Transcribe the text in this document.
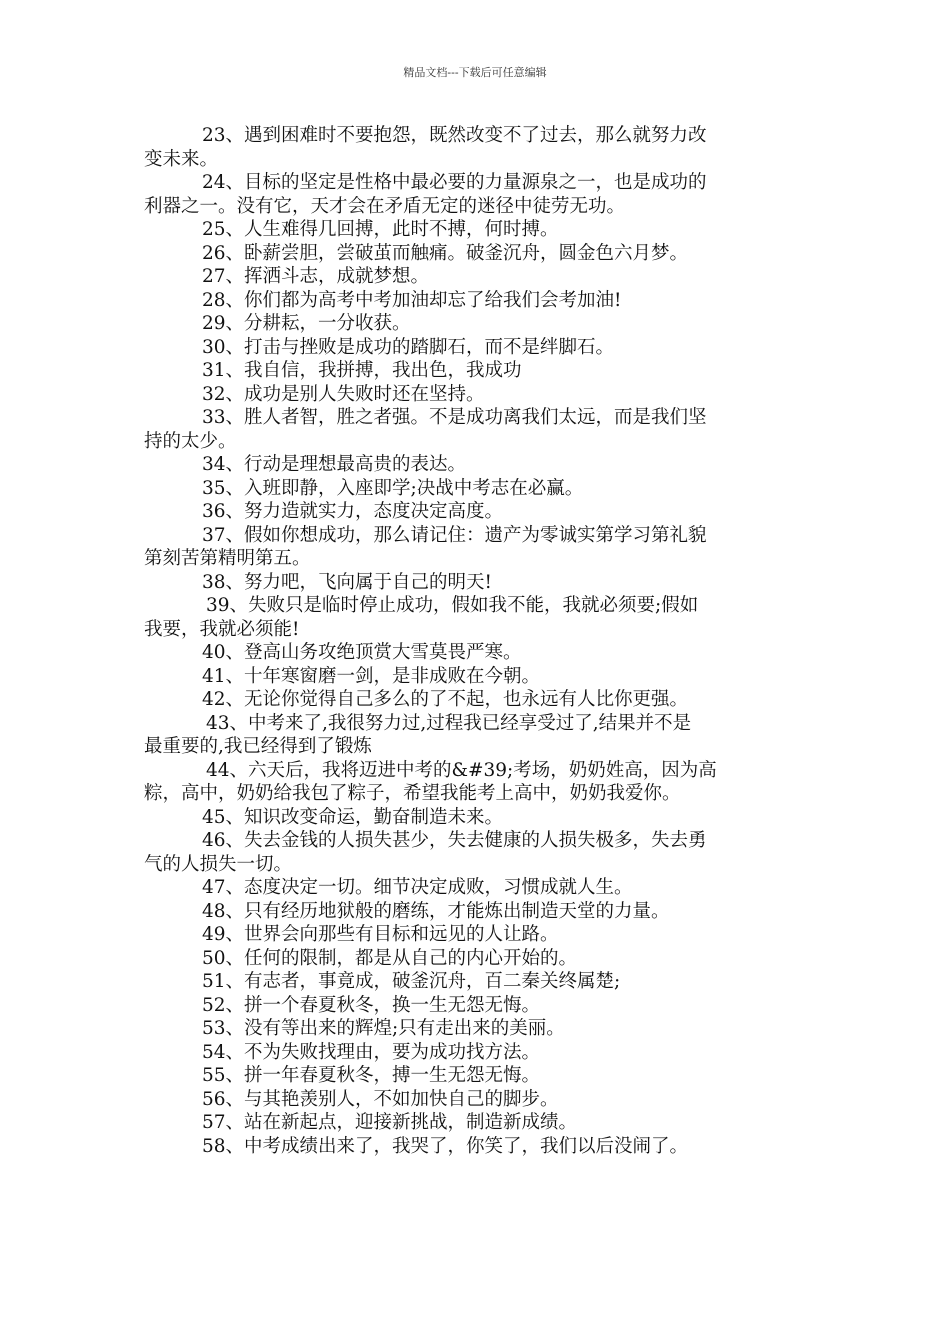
精品文档---下载后可任意编辑
23、遇到困难时不要抱怨，既然改变不了过去，那么就努力改
变未来。
24、目标的坚定是性格中最必要的力量源泉之一，也是成功的
利器之一。没有它，天才会在矛盾无定的迷径中徒劳无功。
25、人生难得几回搏，此时不搏，何时搏。
26、卧薪尝胆，尝破茧而触痛。破釜沉舟，圆金色六月梦。
27、挥洒斗志，成就梦想。
28、你们都为高考中考加油却忘了给我们会考加油!
29、分耕耘，一分收获。
30、打击与挫败是成功的踏脚石，而不是绊脚石。
31、我自信，我拼搏，我出色，我成功
32、成功是别人失败时还在坚持。
33、胜人者智，胜之者强。不是成功离我们太远，而是我们坚
持的太少。
34、行动是理想最高贵的表达。
35、入班即静，入座即学;决战中考志在必赢。
36、努力造就实力，态度决定高度。
37、假如你想成功，那么请记住：遗产为零诚实第学习第礼貌
第刻苦第精明第五。
38、努力吧，飞向属于自己的明天!
39、失败只是临时停止成功，假如我不能，我就必须要;假如
我要，我就必须能!
40、登高山务攻绝顶赏大雪莫畏严寒。
41、十年寒窗磨一剑，是非成败在今朝。
42、无论你觉得自己多么的了不起，也永远有人比你更强。
43、中考来了,我很努力过,过程我已经享受过了,结果并不是
最重要的,我已经得到了锻炼
44、六天后，我将迈进中考的&#39;考场，奶奶姓高，因为高
粽，高中，奶奶给我包了粽子，希望我能考上高中，奶奶我爱你。
45、知识改变命运，勤奋制造未来。
46、失去金钱的人损失甚少，失去健康的人损失极多，失去勇
气的人损失一切。
47、态度决定一切。细节决定成败，习惯成就人生。
48、只有经历地狱般的磨练，才能炼出制造天堂的力量。
49、世界会向那些有目标和远见的人让路。
50、任何的限制，都是从自己的内心开始的。
51、有志者，事竟成，破釜沉舟，百二秦关终属楚;
52、拼一个春夏秋冬，换一生无怨无悔。
53、没有等出来的辉煌;只有走出来的美丽。
54、不为失败找理由，要为成功找方法。
55、拼一年春夏秋冬，搏一生无怨无悔。
56、与其艳羡别人，不如加快自己的脚步。
57、站在新起点，迎接新挑战，制造新成绩。
58、中考成绩出来了，我哭了，你笑了，我们以后没闹了。
